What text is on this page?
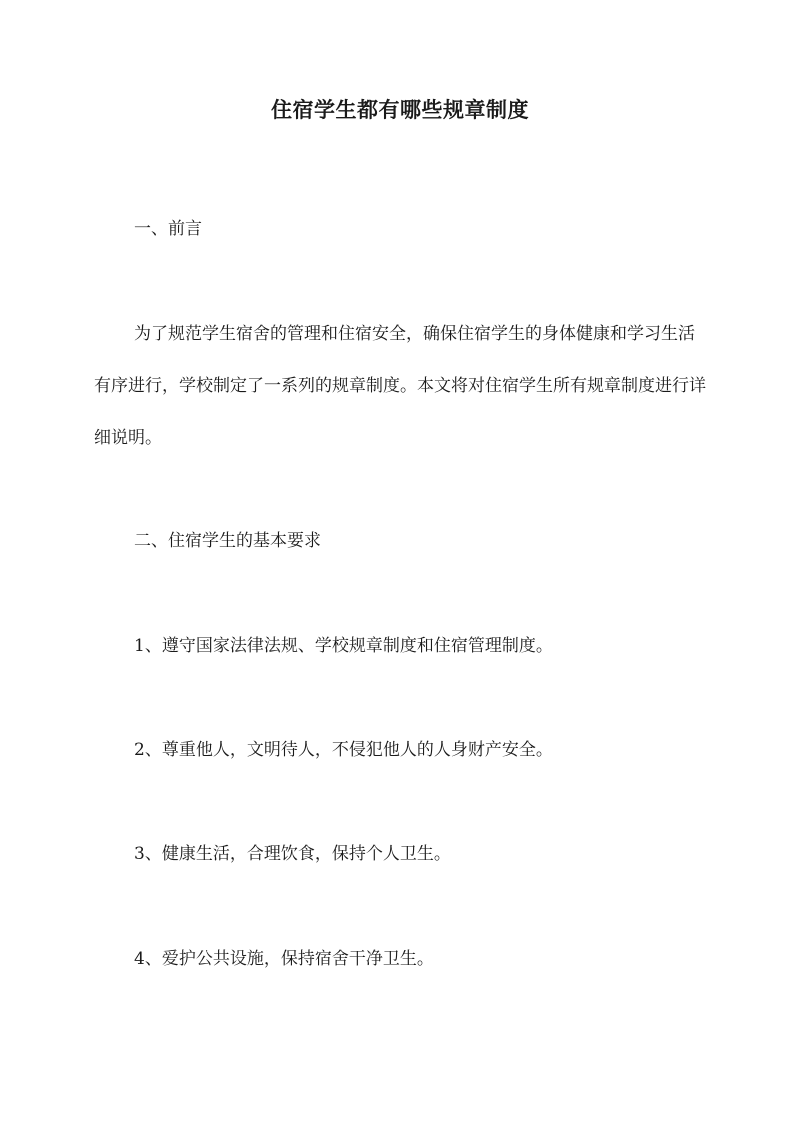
住宿学生都有哪些规章制度

一、前言

为了规范学生宿舍的管理和住宿安全，确保住宿学生的身体健康和学习生活有序进行，学校制定了一系列的规章制度。本文将对住宿学生所有规章制度进行详细说明。

二、住宿学生的基本要求

1、遵守国家法律法规、学校规章制度和住宿管理制度。

2、尊重他人，文明待人，不侵犯他人的人身财产安全。

3、健康生活，合理饮食，保持个人卫生。

4、爱护公共设施，保持宿舍干净卫生。
